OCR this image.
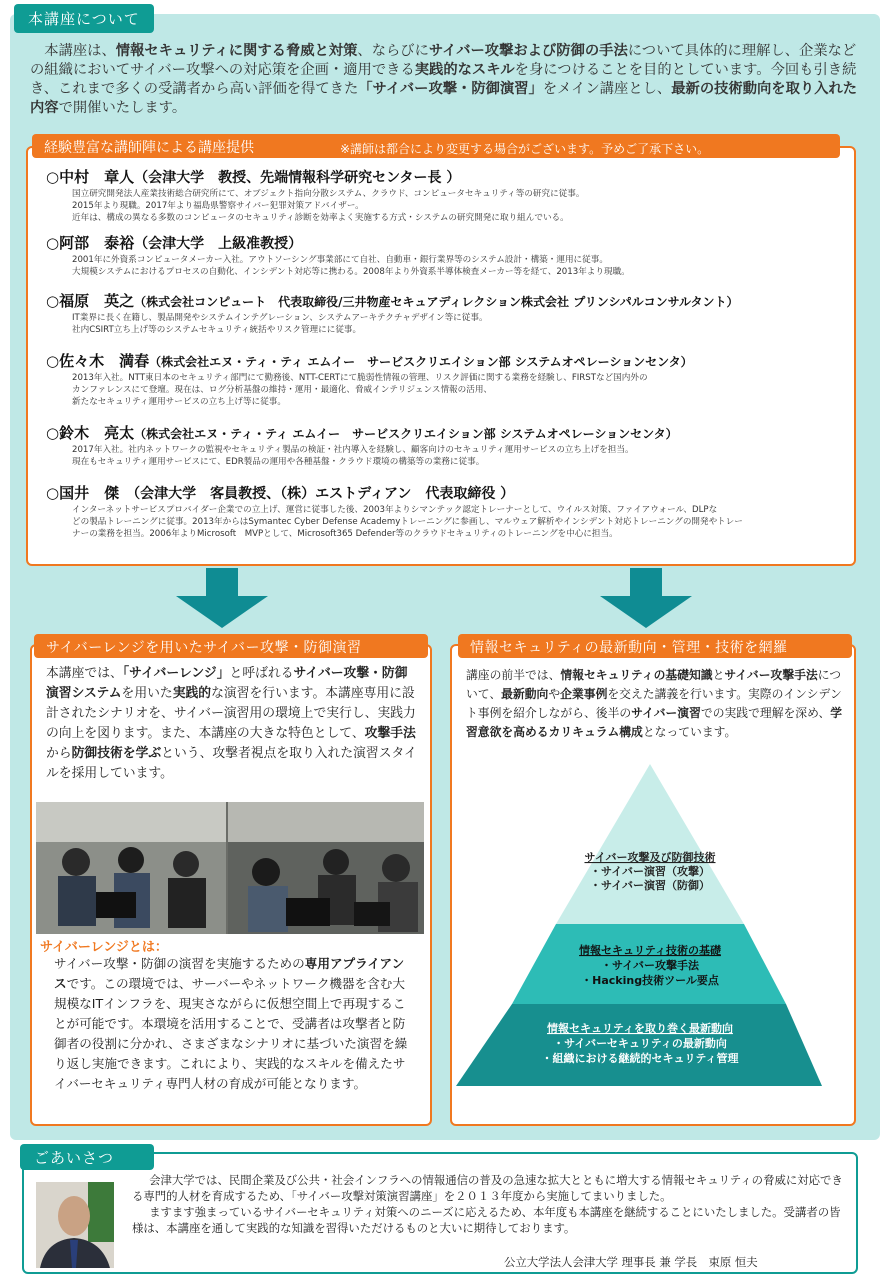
本講座について

本講座は、情報セキュリティに関する脅威と対策、ならびにサイバー攻撃および防御の手法について具体的に理解し、企業などの組織においてサイバー攻撃への対応策を企画・適用できる実践的なスキルを身につけることを目的としています。今回も引き続き、これまで多くの受講者から高い評価を得てきた「サイバー攻撃・防御演習」をメイン講座とし、最新の技術動向を取り入れた内容で開催いたします。

経験豊富な講師陣による講座提供	※講師は都合により変更する場合がございます。予めご了承下さい。
○中村　章人（会津大学　教授、先端情報科学研究センター長 ）
国立研究開発法人産業技術総合研究所にて、オブジェクト指向分散システム、クラウド、コンピュータセキュリティ等の研究に従事。
2015年より現職。2017年より福島県警察サイバー犯罪対策アドバイザー。
近年は、構成の異なる多数のコンピュータのセキュリティ診断を効率よく実施する方式・システムの研究開発に取り組んでいる。
○阿部　泰裕（会津大学　上級准教授）
2001年に外資系コンピュータメーカー入社。アウトソーシング事業部にて自社、自動車・銀行業界等のシステム設計・構築・運用に従事。
大規模システムにおけるプロセスの自動化、インシデント対応等に携わる。2008年より外資系半導体検査メーカー等を経て、2013年より現職。
○福原　英之（株式会社コンピュート　代表取締役/三井物産セキュアディレクション株式会社 プリンシパルコンサルタント）
IT業界に長く在籍し、製品開発やシステムインテグレーション、システムアーキテクチャデザイン等に従事。
社内CSIRT立ち上げ等のシステムセキュリティ統括やリスク管理にに従事。
○佐々木　満春（株式会社エヌ・ティ・ティ エムイー　サービスクリエイション部 システムオペレーションセンタ）
2013年入社。NTT東日本のセキュリティ部門にて勤務後、NTT-CERTにて脆弱性情報の管理、リスク評価に関する業務を経験し、FIRSTなど国内外の
カンファレンスにて登壇。現在は、ログ分析基盤の維持・運用・最適化、脅威インテリジェンス情報の活用、
新たなセキュリティ運用サービスの立ち上げ等に従事。
○鈴木　亮太（株式会社エヌ・ティ・ティ エムイー　サービスクリエイション部 システムオペレーションセンタ）
2017年入社。社内ネットワークの監視やセキュリティ製品の検証・社内導入を経験し、顧客向けのセキュリティ運用サービスの立ち上げを担当。
現在もセキュリティ運用サービスにて、EDR製品の運用や各種基盤・クラウド環境の構築等の業務に従事。
○国井　傑　（会津大学　客員教授、（株）エストディアン　代表取締役 ）
インターネットサービスプロバイダー企業での立上げ、運営に従事した後、2003年よりシマンテック認定トレーナーとして、ウイルス対策、ファイアウォール、DLPな
どの製品トレーニングに従事。2013年からはSymantec Cyber Defense Academyトレーニングに参画し、マルウェア解析やインシデント対応トレーニングの開発やトレー
ナーの業務を担当。2006年よりMicrosoft　MVPとして、Microsoft365 Defender等のクラウドセキュリティのトレーニングを中心に担当。
サイバーレンジを用いたサイバー攻撃・防御演習
本講座では、「サイバーレンジ」と呼ばれるサイバー攻撃・防御演習システムを用いた実践的な演習を行います。本講座専用に設計されたシナリオを、サイバー演習用の環境上で実行し、実践力の向上を図ります。また、本講座の大きな特色として、攻撃手法から防御技術を学ぶという、攻撃者視点を取り入れた演習スタイルを採用しています。
サイバーレンジとは：
サイバー攻撃・防御の演習を実施するための専用アプライアンスです。この環境では、サーバーやネットワーク機器を含む大規模なITインフラを、現実さながらに仮想空間上で再現することが可能です。本環境を活用することで、受講者は攻撃者と防御者の役割に分かれ、さまざまなシナリオに基づいた演習を繰り返し実施できます。これにより、実践的なスキルを備えたサイバーセキュリティ専門人材の育成が可能となります。
情報セキュリティの最新動向・管理・技術を網羅
講座の前半では、情報セキュリティの基礎知識とサイバー攻撃手法について、最新動向や企業事例を交えた講義を行います。実際のインシデント事例を紹介しながら、後半のサイバー演習での実践で理解を深め、学習意欲を高めるカリキュラム構成となっています。
サイバー攻撃及び防御技術
・サイバー演習（攻撃）
・サイバー演習（防御）
情報セキュリティ技術の基礎
・サイバー攻撃手法
・Hacking技術ツール要点
情報セキュリティを取り巻く最新動向
・サイバーセキュリティの最新動向
・組織における継続的セキュリティ管理
ごあいさつ

会津大学では、民間企業及び公共・社会インフラへの情報通信の普及の急速な拡大とともに増大する情報セキュリティの脅威に対応できる専門的人材を育成するため、「サイバー攻撃対策演習講座」を２０１３年度から実施してまいりました。

ますます強まっているサイバーセキュリティ対策へのニーズに応えるため、本年度も本講座を継続することにいたしました。受講者の皆様は、本講座を通して実践的な知識を習得いただけるものと大いに期待しております。

公立大学法人会津大学 理事長 兼 学長　束原 恒夫
